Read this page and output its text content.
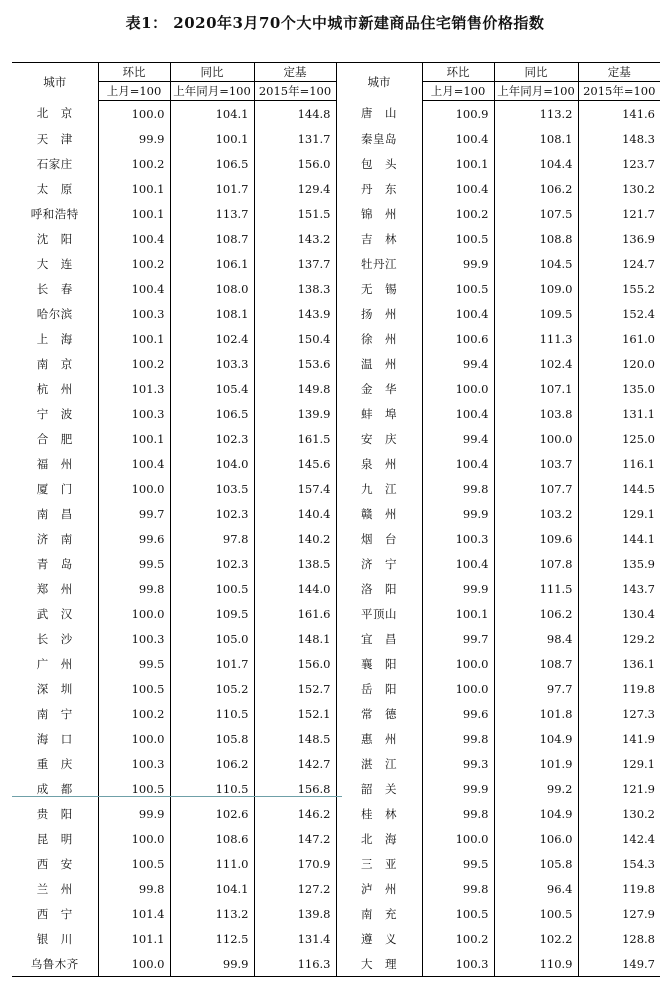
表1： 2020年3月70个大中城市新建商品住宅销售价格指数
城市	环比	同比	定基	城市	环比	同比	定基
	上月=100	上年同月=100	2015年=100		上月=100	上年同月=100	2015年=100
北　京	100.0	104.1	144.8	唐　山	100.9	113.2	141.6
天　津	99.9	100.1	131.7	秦皇岛	100.4	108.1	148.3
石家庄	100.2	106.5	156.0	包　头	100.1	104.4	123.7
太　原	100.1	101.7	129.4	丹　东	100.4	106.2	130.2
呼和浩特	100.1	113.7	151.5	锦　州	100.2	107.5	121.7
沈　阳	100.4	108.7	143.2	吉　林	100.5	108.8	136.9
大　连	100.2	106.1	137.7	牡丹江	99.9	104.5	124.7
长　春	100.4	108.0	138.3	无　锡	100.5	109.0	155.2
哈尔滨	100.3	108.1	143.9	扬　州	100.4	109.5	152.4
上　海	100.1	102.4	150.4	徐　州	100.6	111.3	161.0
南　京	100.2	103.3	153.6	温　州	99.4	102.4	120.0
杭　州	101.3	105.4	149.8	金　华	100.0	107.1	135.0
宁　波	100.3	106.5	139.9	蚌　埠	100.4	103.8	131.1
合　肥	100.1	102.3	161.5	安　庆	99.4	100.0	125.0
福　州	100.4	104.0	145.6	泉　州	100.4	103.7	116.1
厦　门	100.0	103.5	157.4	九　江	99.8	107.7	144.5
南　昌	99.7	102.3	140.4	赣　州	99.9	103.2	129.1
济　南	99.6	97.8	140.2	烟　台	100.3	109.6	144.1
青　岛	99.5	102.3	138.5	济　宁	100.4	107.8	135.9
郑　州	99.8	100.5	144.0	洛　阳	99.9	111.5	143.7
武　汉	100.0	109.5	161.6	平顶山	100.1	106.2	130.4
长　沙	100.3	105.0	148.1	宜　昌	99.7	98.4	129.2
广　州	99.5	101.7	156.0	襄　阳	100.0	108.7	136.1
深　圳	100.5	105.2	152.7	岳　阳	100.0	97.7	119.8
南　宁	100.2	110.5	152.1	常　德	99.6	101.8	127.3
海　口	100.0	105.8	148.5	惠　州	99.8	104.9	141.9
重　庆	100.3	106.2	142.7	湛　江	99.3	101.9	129.1
成　都	100.5	110.5	156.8	韶　关	99.9	99.2	121.9
贵　阳	99.9	102.6	146.2	桂　林	99.8	104.9	130.2
昆　明	100.0	108.6	147.2	北　海	100.0	106.0	142.4
西　安	100.5	111.0	170.9	三　亚	99.5	105.8	154.3
兰　州	99.8	104.1	127.2	泸　州	99.8	96.4	119.8
西　宁	101.4	113.2	139.8	南　充	100.5	100.5	127.9
银　川	101.1	112.5	131.4	遵　义	100.2	102.2	128.8
乌鲁木齐	100.0	99.9	116.3	大　理	100.3	110.9	149.7
